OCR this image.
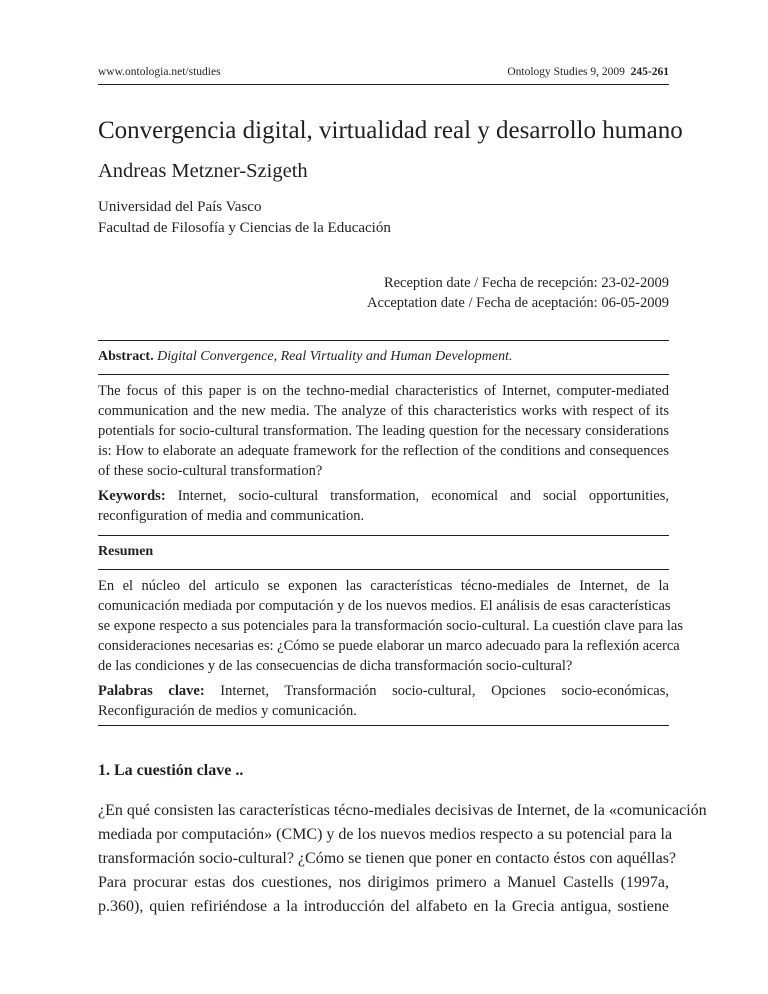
www.ontologia.net/studies	Ontology Studies 9, 2009 245-261
Convergencia digital, virtualidad real y desarrollo humano
Andreas Metzner-Szigeth
Universidad del País Vasco
Facultad de Filosofía y Ciencias de la Educación
Reception date / Fecha de recepción: 23-02-2009
Acceptation date / Fecha de aceptación: 06-05-2009
Abstract. Digital Convergence, Real Virtuality and Human Development.
The focus of this paper is on the techno-medial characteristics of Internet, computer-mediated
communication and the new media. The analyze of this characteristics works with respect of its
potentials for socio-cultural transformation. The leading question for the necessary considerations
is: How to elaborate an adequate framework for the reflection of the conditions and consequences
of these socio-cultural transformation?
Keywords: Internet, socio-cultural transformation, economical and social opportunities,
reconfiguration of media and communication.
Resumen
En el núcleo del articulo se exponen las características técno-mediales de Internet, de la
comunicación mediada por computación y de los nuevos medios. El análisis de esas características
se expone respecto a sus potenciales para la transformación socio-cultural. La cuestión clave para las
consideraciones necesarias es: ¿Cómo se puede elaborar un marco adecuado para la reflexión acerca
de las condiciones y de las consecuencias de dicha transformación socio-cultural?
Palabras clave: Internet, Transformación socio-cultural, Opciones socio-económicas,
Reconfiguración de medios y comunicación.
1. La cuestión clave ..
¿En qué consisten las características técno-mediales decisivas de Internet, de la «comunicación
mediada por computación» (CMC) y de los nuevos medios respecto a su potencial para la
transformación socio-cultural? ¿Cómo se tienen que poner en contacto éstos con aquéllas?
Para procurar estas dos cuestiones, nos dirigimos primero a Manuel Castells (1997a,
p.360), quien refiriéndose a la introducción del alfabeto en la Grecia antigua, sostiene
